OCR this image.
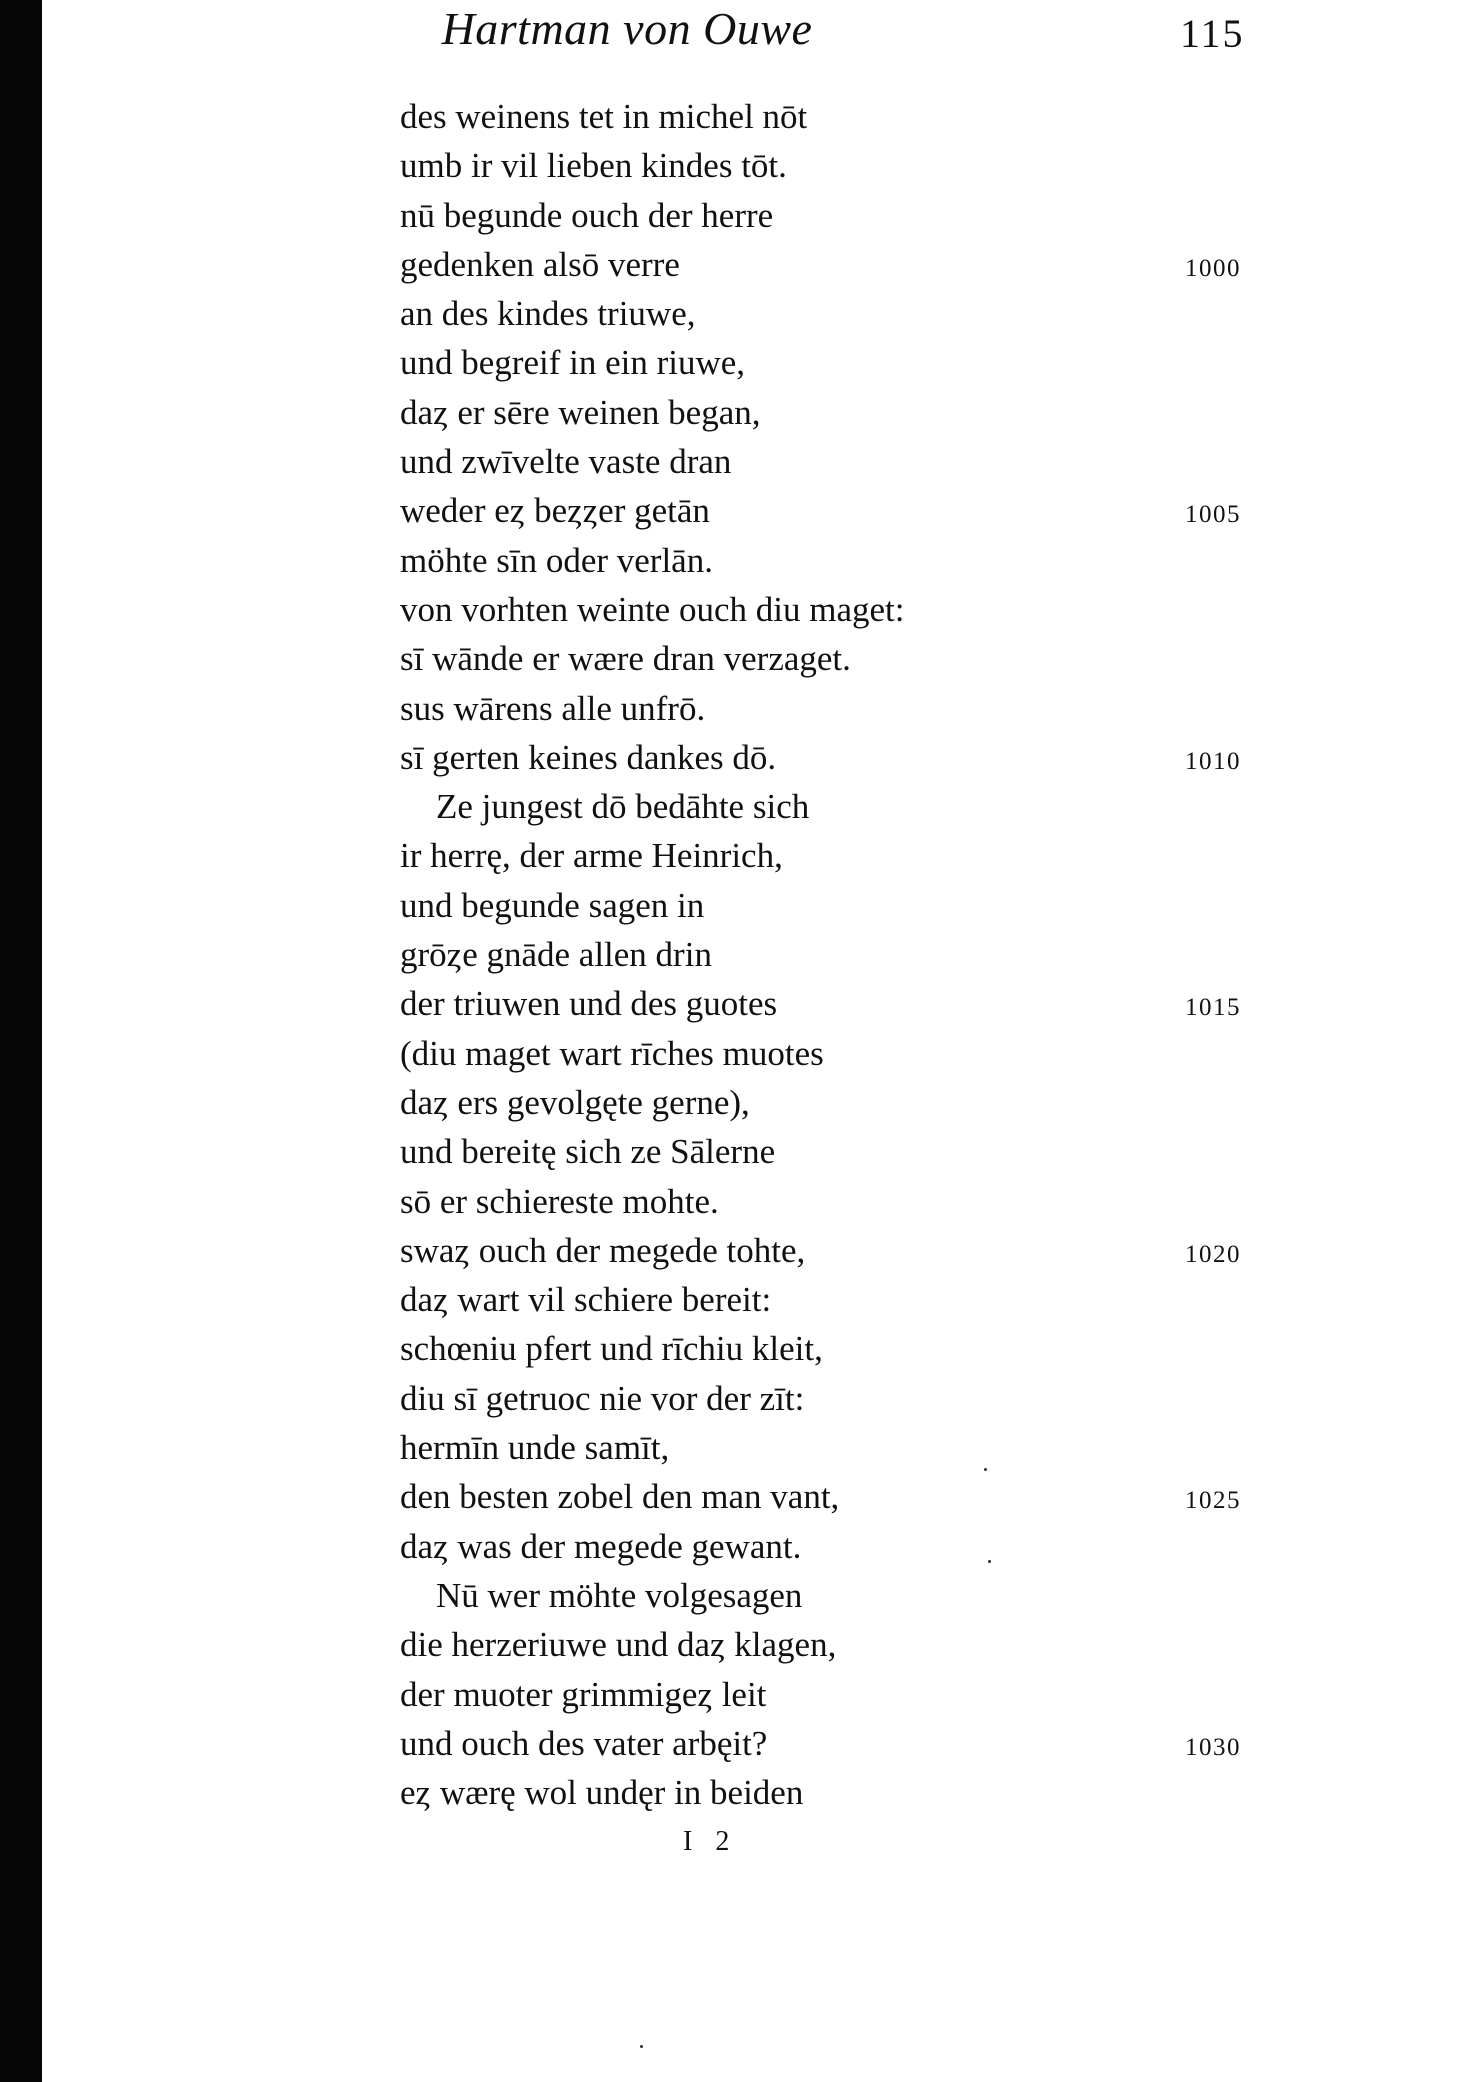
Hartman von Ouwe	115
des weinens tet in michel nōt
umb ir vil lieben kindes tōt.
nū begunde ouch der herre
gedenken alsō verre	1000
an des kindes triuwe,
und begreif in ein riuwe,
daȥ er sēre weinen began,
und zwīvelte vaste dran
weder eȥ beȥȥer getān	1005
möhte sīn oder verlān.
von vorhten weinte ouch diu maget:
sī wānde er wære dran verzaget.
sus wārens alle unfrō.
sī gerten keines dankes dō.	1010
Ze jungest dō bedāhte sich
ir herrę, der arme Heinrich,
und begunde sagen in
grōȥe gnāde allen drin
der triuwen und des guotes	1015
(diu maget wart rīches muotes
daȥ ers gevolgęte gerne),
und bereitę sich ze Sālerne
sō er schiereste mohte.
swaȥ ouch der megede tohte,	1020
daȥ wart vil schiere bereit:
schœniu pfert und rīchiu kleit,
diu sī getruoc nie vor der zīt:
hermīn unde samīt,
den besten zobel den man vant,	1025
daȥ was der megede gewant.
Nū wer möhte volgesagen
die herzeriuwe und daȥ klagen,
der muoter grimmigeȥ leit
und ouch des vater arbęit?	1030
eȥ wærę wol undęr in beiden
I 2
